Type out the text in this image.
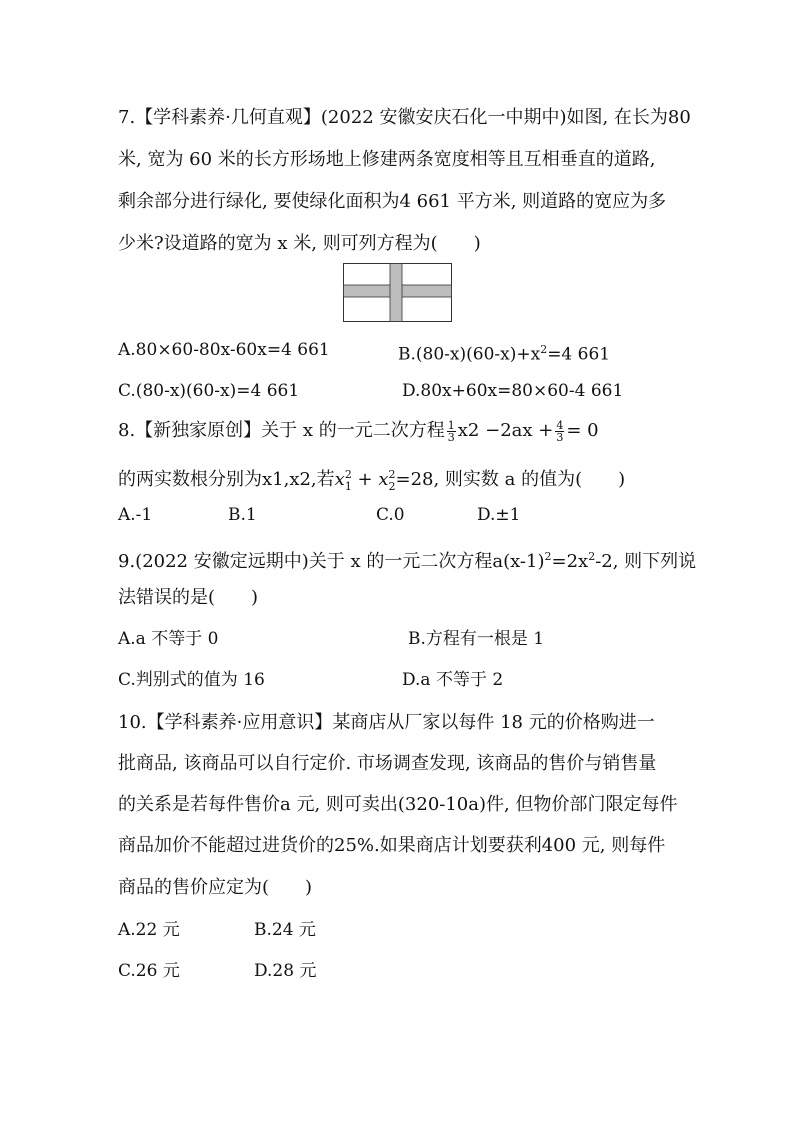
7.【学科素养·几何直观】(2022 安徽安庆石化一中期中)如图, 在长为80
米, 宽为 60 米的长方形场地上修建两条宽度相等且互相垂直的道路,
剩余部分进行绿化, 要使绿化面积为4 661 平方米, 则道路的宽应为多
少米?设道路的宽为 x 米, 则可列方程为(　　)
A.80×60-80x-60x=4 661	$B.(80-x)(60-x)+x^2=4$ 661
C.(80-x)(60-x)=4 661	D.80x+60x=80×60-4 661
8.【新独家原创】关于 x 的一元二次方程 $\frac{1}{3} x2 -2ax + \frac{4}{3} = 0$
的两实数根分别为x1,x2,若$x^2_1 + x^2_2=28$, 则实数 a 的值为(　　)
A.-1	B.1	C.0	D.±1
9.(2022 安徽定远期中)关于 x 的一元二次方程$a(x-1)^2=2x^2-2$, 则下列说
法错误的是(　　)
A.a 不等于 0	B.方程有一根是 1
C.判别式的值为 16	D.a 不等于 2
10.【学科素养·应用意识】某商店从厂家以每件 18 元的价格购进一
批商品, 该商品可以自行定价. 市场调查发现, 该商品的售价与销售量
的关系是若每件售价a 元, 则可卖出(320-10a)件, 但物价部门限定每件
商品加价不能超过进货价的25%.如果商店计划要获利400 元, 则每件
商品的售价应定为(　　)
A.22 元	B.24 元
C.26 元	D.28 元
